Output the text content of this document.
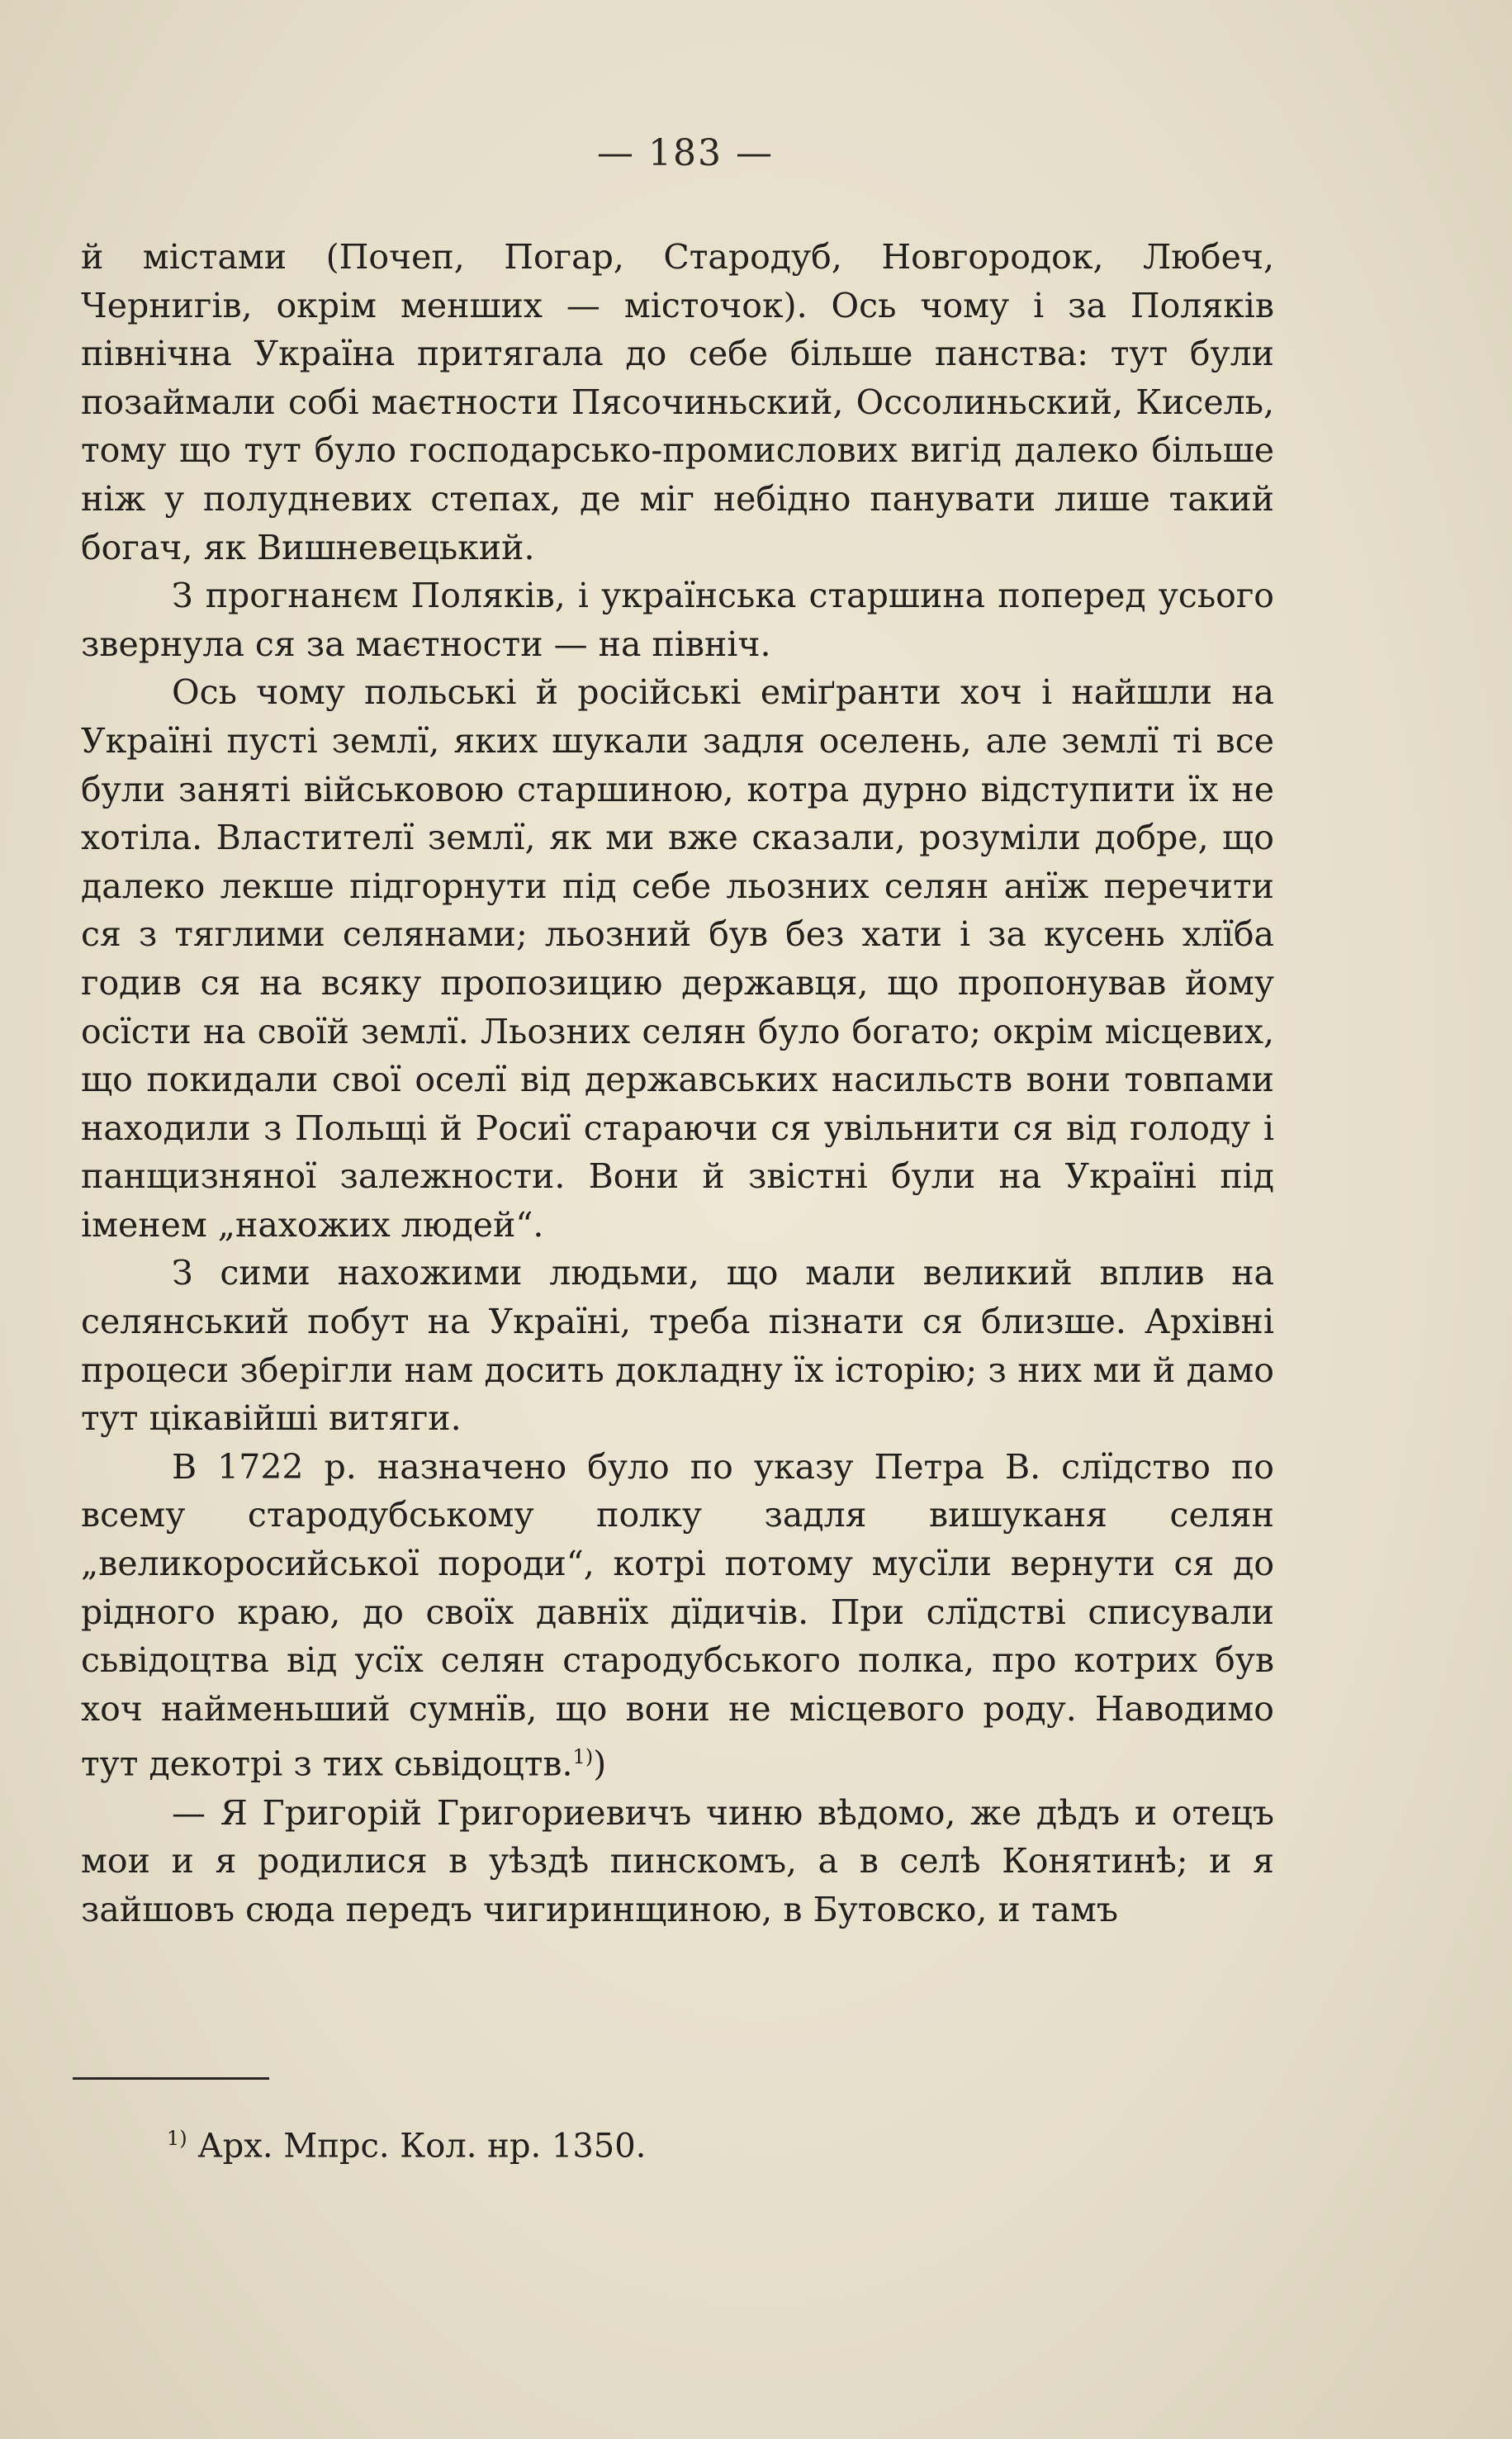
— 183 —

й містами (Почеп, Погар, Стародуб, Новгородок, Любеч, Чернигів, окрім менших — місточок). Ось чому і за Поляків північна Україна притягала до себе більше панства: тут були позаймали собі маєтности Пясочиньский, Оссолиньский, Кисель, тому що тут було господарсько-промислових вигід далеко більше ніж у полудневих степах, де міг небідно панувати лише такий богач, як Вишневецький.

З прогнанєм Поляків, і українська старшина поперед усього звернула ся за маєтности — на північ.

Ось чому польські й російські еміґранти хоч і найшли на Україні пусті землї, яких шукали задля оселень, але землї ті все були заняті військовою старшиною, котра дурно відступити їх не хотіла. Властителї землї, як ми вже сказали, розуміли добре, що далеко лекше підгорнути під себе льозних селян анїж перечити ся з тяглими селянами; льозний був без хати і за кусень хлїба годив ся на всяку пропозицию державця, що пропонував йому осїсти на своїй землї. Льозних селян було богато; окрім місцевих, що покидали свої оселї від державських насильств вони товпами находили з Польщі й Росиї стараючи ся увільнити ся від голоду і панщизняної залежности. Вони й звістні були на Україні під іменем „нахожих людей“.

З сими нахожими людьми, що мали великий вплив на селянський побут на Україні, треба пізнати ся близше. Архівні процеси зберігли нам досить докладну їх історію; з них ми й дамо тут цікавійші витяги.

В 1722 р. назначено було по указу Петра В. слїдство по всему стародубському полку задля вишуканя селян „великоросийської породи“, котрі потому мусїли вернути ся до рідного краю, до своїх давнїх дїдичів. При слїдстві списували сьвідоцтва від усїх селян стародубського полка, про котрих був хоч найменьший сумнїв, що вони не місцевого роду. Наводимо тут декотрі з тих сьвідоцтв.$^{1)}$)

— Я Григорій Григориевичъ чиню вѣдомо, же дѣдъ и отецъ мои и я родилися в уѣздѣ пинскомъ, а в селѣ Конятинѣ; и я зайшовъ сюда передъ чигиринщиною, в Бутовско, и тамъ

$^{1)}$ Арх. Мпрс. Кол. нр. 1350.
